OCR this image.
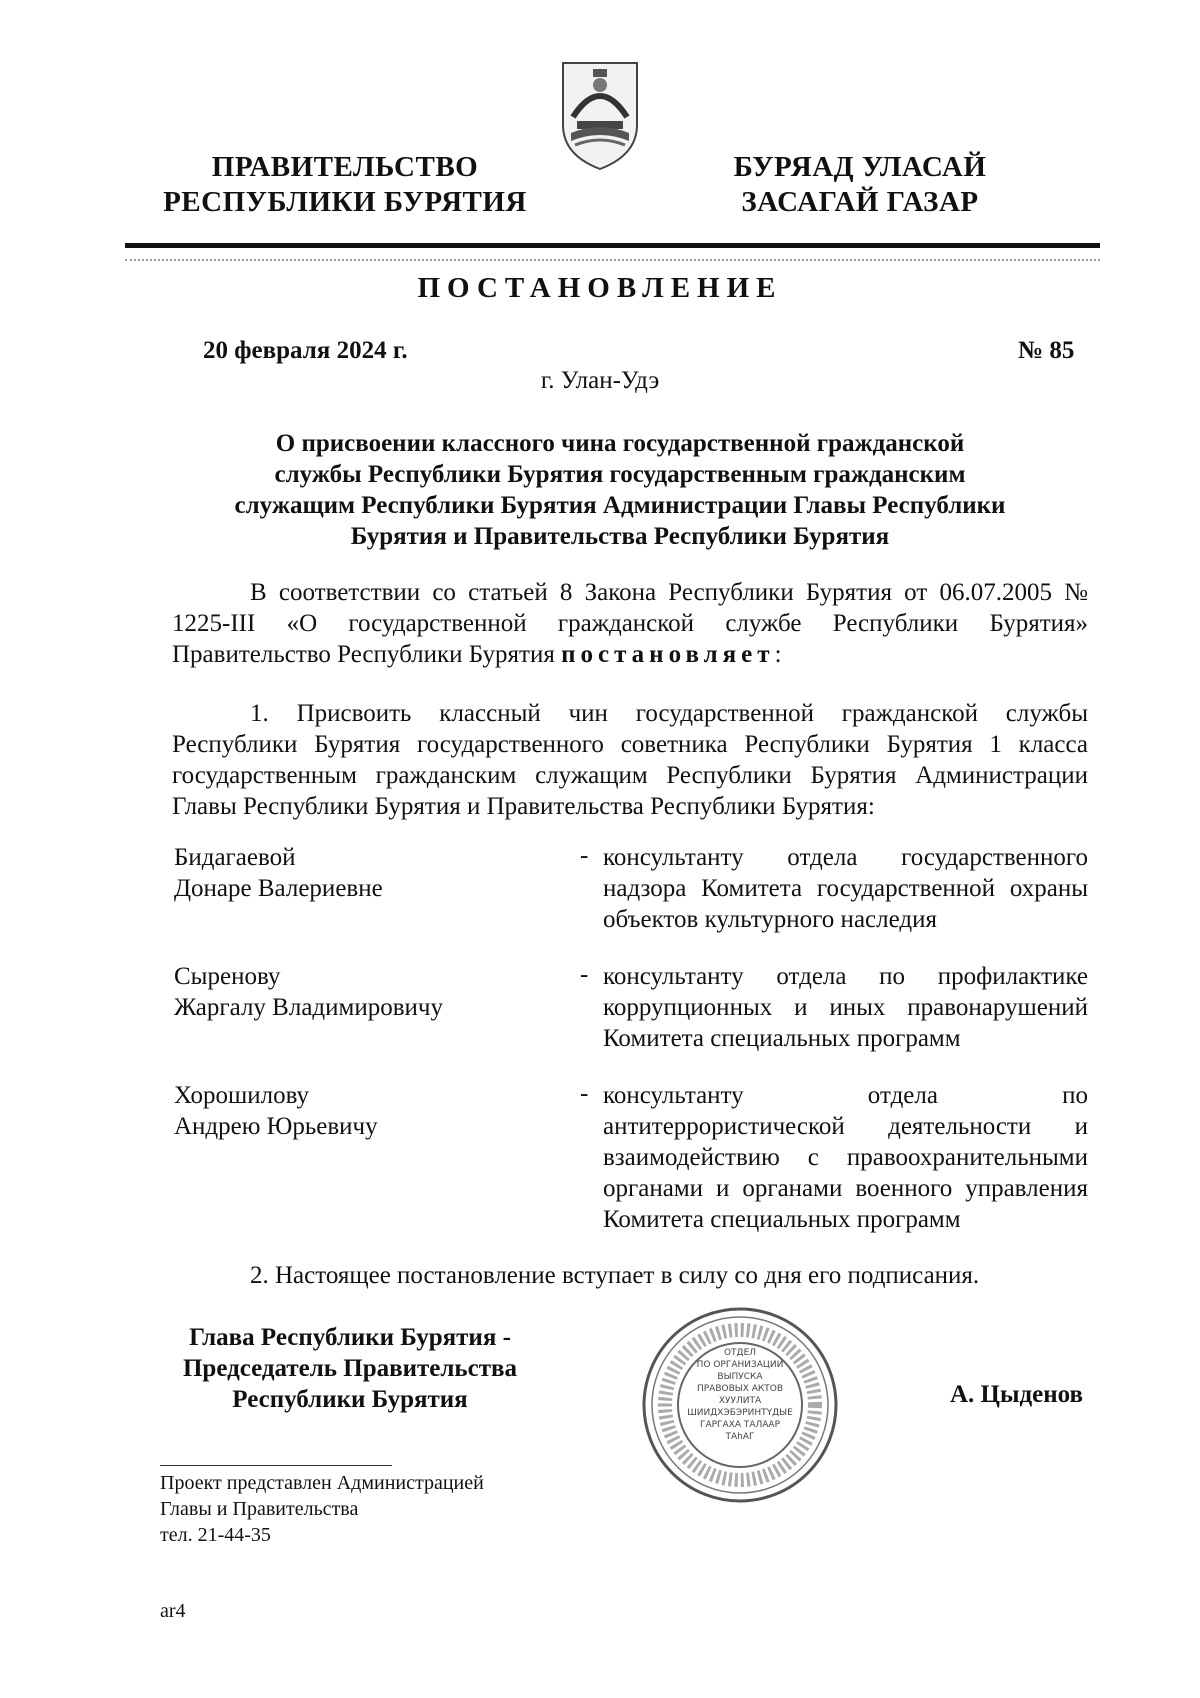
ПРАВИТЕЛЬСТВО
РЕСПУБЛИКИ БУРЯТИЯ
БУРЯАД УЛАСАЙ
ЗАСАГАЙ ГАЗАР
ПОСТАНОВЛЕНИЕ
20 февраля 2024 г.	№ 85
г. Улан-Удэ
О присвоении классного чина государственной гражданской службы Республики Бурятия государственным гражданским служащим Республики Бурятия Администрации Главы Республики Бурятия и Правительства Республики Бурятия
В соответствии со статьей 8 Закона Республики Бурятия от 06.07.2005 № 1225-III «О государственной гражданской службе Республики Бурятия» Правительство Республики Бурятия постановляет:
1. Присвоить классный чин государственной гражданской службы Республики Бурятия государственного советника Республики Бурятия 1 класса государственным гражданским служащим Республики Бурятия Администрации Главы Республики Бурятия и Правительства Республики Бурятия:
Бидагаевой
Донаре Валериевне
- консультанту отдела государственного надзора Комитета государственной охраны объектов культурного наследия
Сыренову
Жаргалу Владимировичу
- консультанту отдела по профилактике коррупционных и иных правонарушений Комитета специальных программ
Хорошилову
Андрею Юрьевичу
- консультанту отдела по антитеррористической деятельности и взаимодействию с правоохранительными органами и органами военного управления Комитета специальных программ
2. Настоящее постановление вступает в силу со дня его подписания.
Глава Республики Бурятия -
Председатель Правительства
Республики Бурятия
ОТДЕЛ
ПО ОРГАНИЗАЦИИ
ВЫПУСКА
ПРАВОВЫХ АКТОВ
ХУУЛИТА
ШИИДХЭБЭРИНТҮДЫЕ
ГАРГАХА ТАЛААР
ТАһАГ
А. Цыденов
Проект представлен Администрацией
Главы и Правительства
тел. 21-44-35
ar4
